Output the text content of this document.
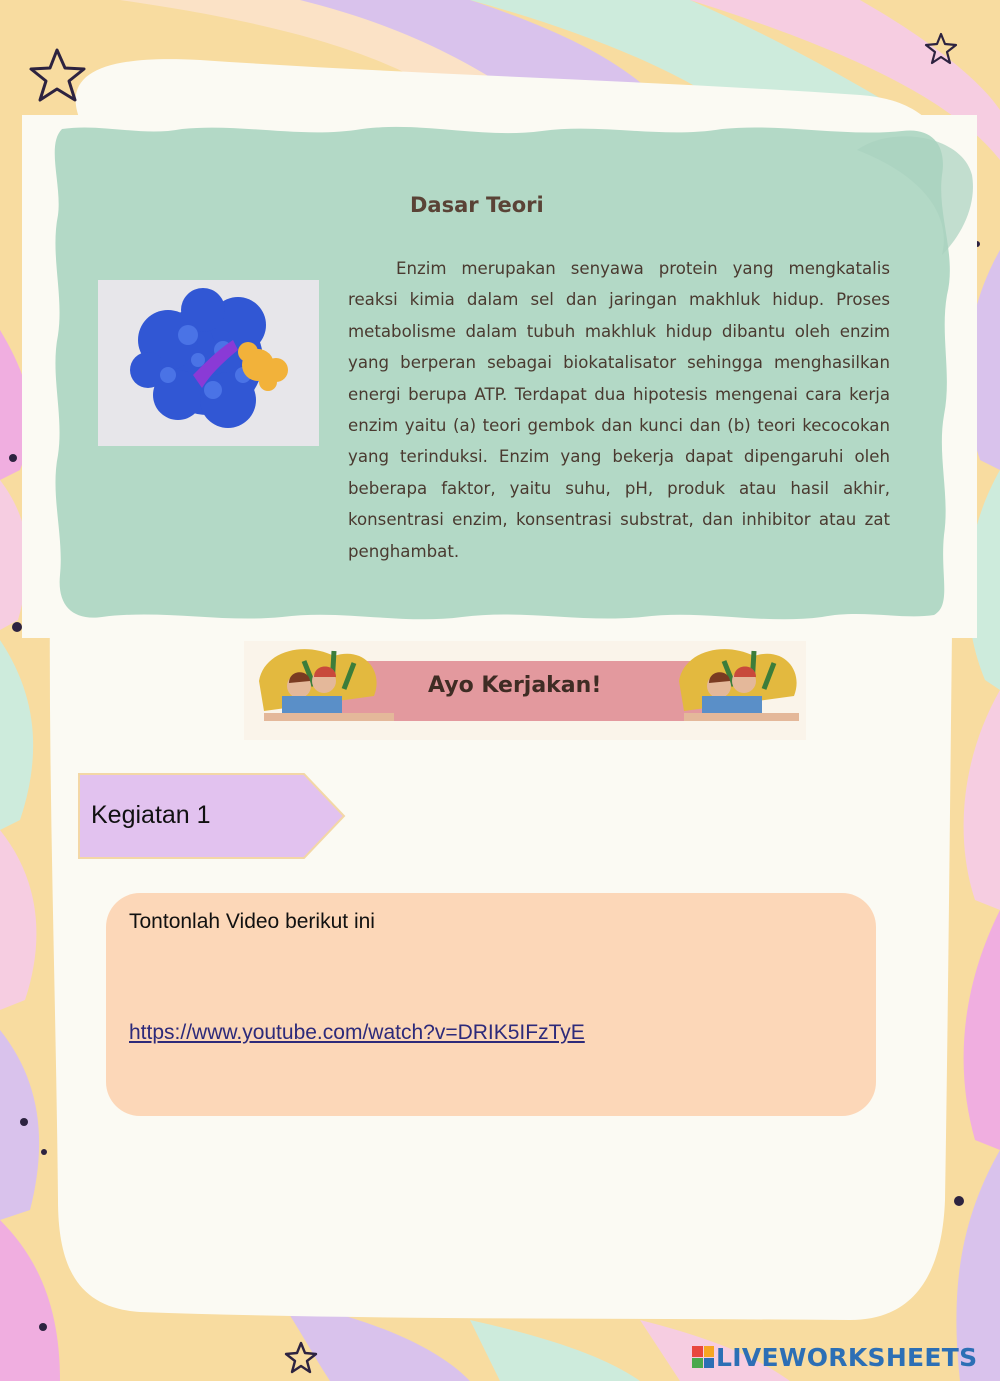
Dasar Teori
Enzim merupakan senyawa protein yang mengkatalis reaksi kimia dalam sel dan jaringan makhluk hidup. Proses metabolisme dalam tubuh makhluk hidup dibantu oleh enzim yang berperan sebagai biokatalisator sehingga menghasilkan energi berupa ATP. Terdapat dua hipotesis mengenai cara kerja enzim yaitu (a) teori gembok dan kunci dan (b) teori kecocokan yang terinduksi. Enzim yang bekerja dapat dipengaruhi oleh beberapa faktor, yaitu suhu, pH, produk atau hasil akhir, konsentrasi enzim, konsentrasi substrat, dan inhibitor atau zat penghambat.
Ayo Kerjakan!
Kegiatan 1
Tontonlah Video berikut ini
https://www.youtube.com/watch?v=DRIK5IFzTyE
LIVEWORKSHEETS
